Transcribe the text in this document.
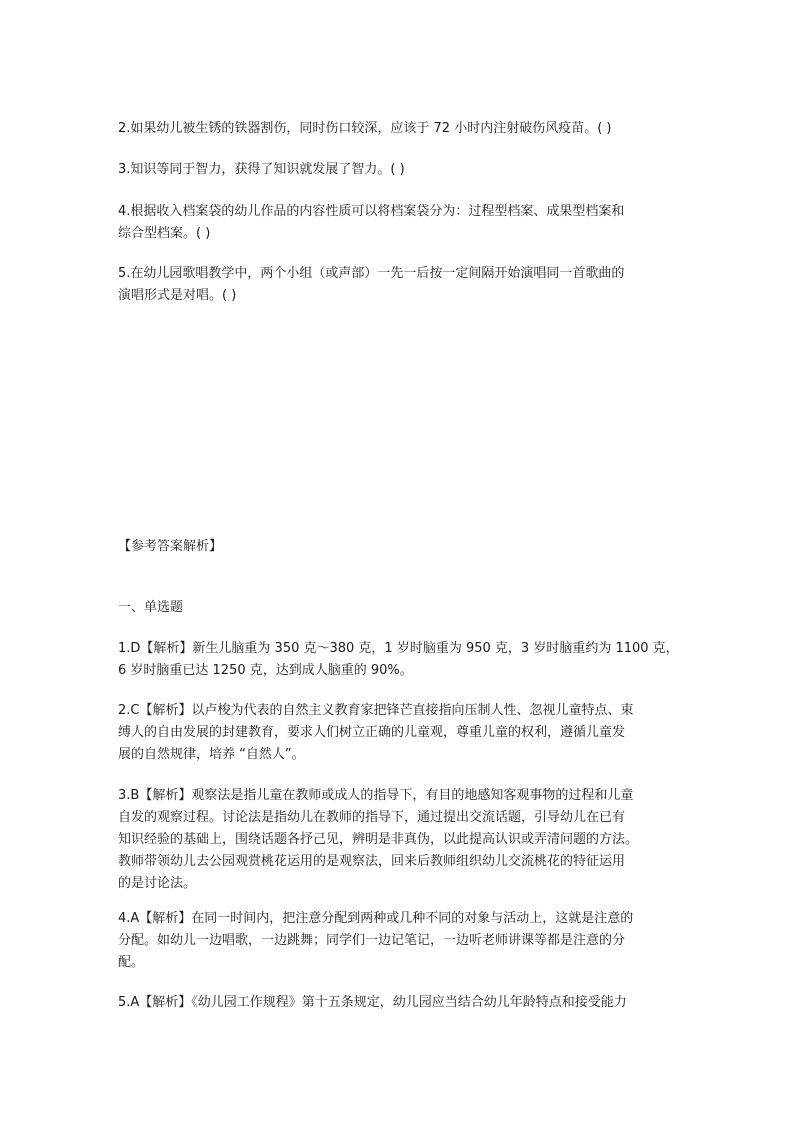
2.如果幼儿被生锈的铁器割伤，同时伤口较深，应该于 72 小时内注射破伤风疫苗。( )
3.知识等同于智力，获得了知识就发展了智力。( )
4.根据收入档案袋的幼儿作品的内容性质可以将档案袋分为：过程型档案、成果型档案和
综合型档案。( )
5.在幼儿园歌唱教学中，两个小组（或声部）一先一后按一定间隔开始演唱同一首歌曲的
演唱形式是对唱。( )
【参考答案解析】
一、单选题
1.D【解析】新生儿脑重为 350 克～380 克，1 岁时脑重为 950 克，3 岁时脑重约为 1100 克，
6 岁时脑重已达 1250 克，达到成人脑重的 90%。
2.C【解析】以卢梭为代表的自然主义教育家把锋芒直接指向压制人性、忽视儿童特点、束
缚人的自由发展的封建教育，要求人们树立正确的儿童观，尊重儿童的权利，遵循儿童发
展的自然规律，培养 “自然人”。
3.B【解析】观察法是指儿童在教师或成人的指导下，有目的地感知客观事物的过程和儿童
自发的观察过程。讨论法是指幼儿在教师的指导下，通过提出交流话题，引导幼儿在已有
知识经验的基础上，围绕话题各抒己见，辨明是非真伪，以此提高认识或弄清问题的方法。
教师带领幼儿去公园观赏桃花运用的是观察法，回来后教师组织幼儿交流桃花的特征运用
的是讨论法。
4.A【解析】在同一时间内，把注意分配到两种或几种不同的对象与活动上，这就是注意的
分配。如幼儿一边唱歌，一边跳舞；同学们一边记笔记，一边听老师讲课等都是注意的分
配。
5.A【解析】《幼儿园工作规程》第十五条规定，幼儿园应当结合幼儿年龄特点和接受能力
